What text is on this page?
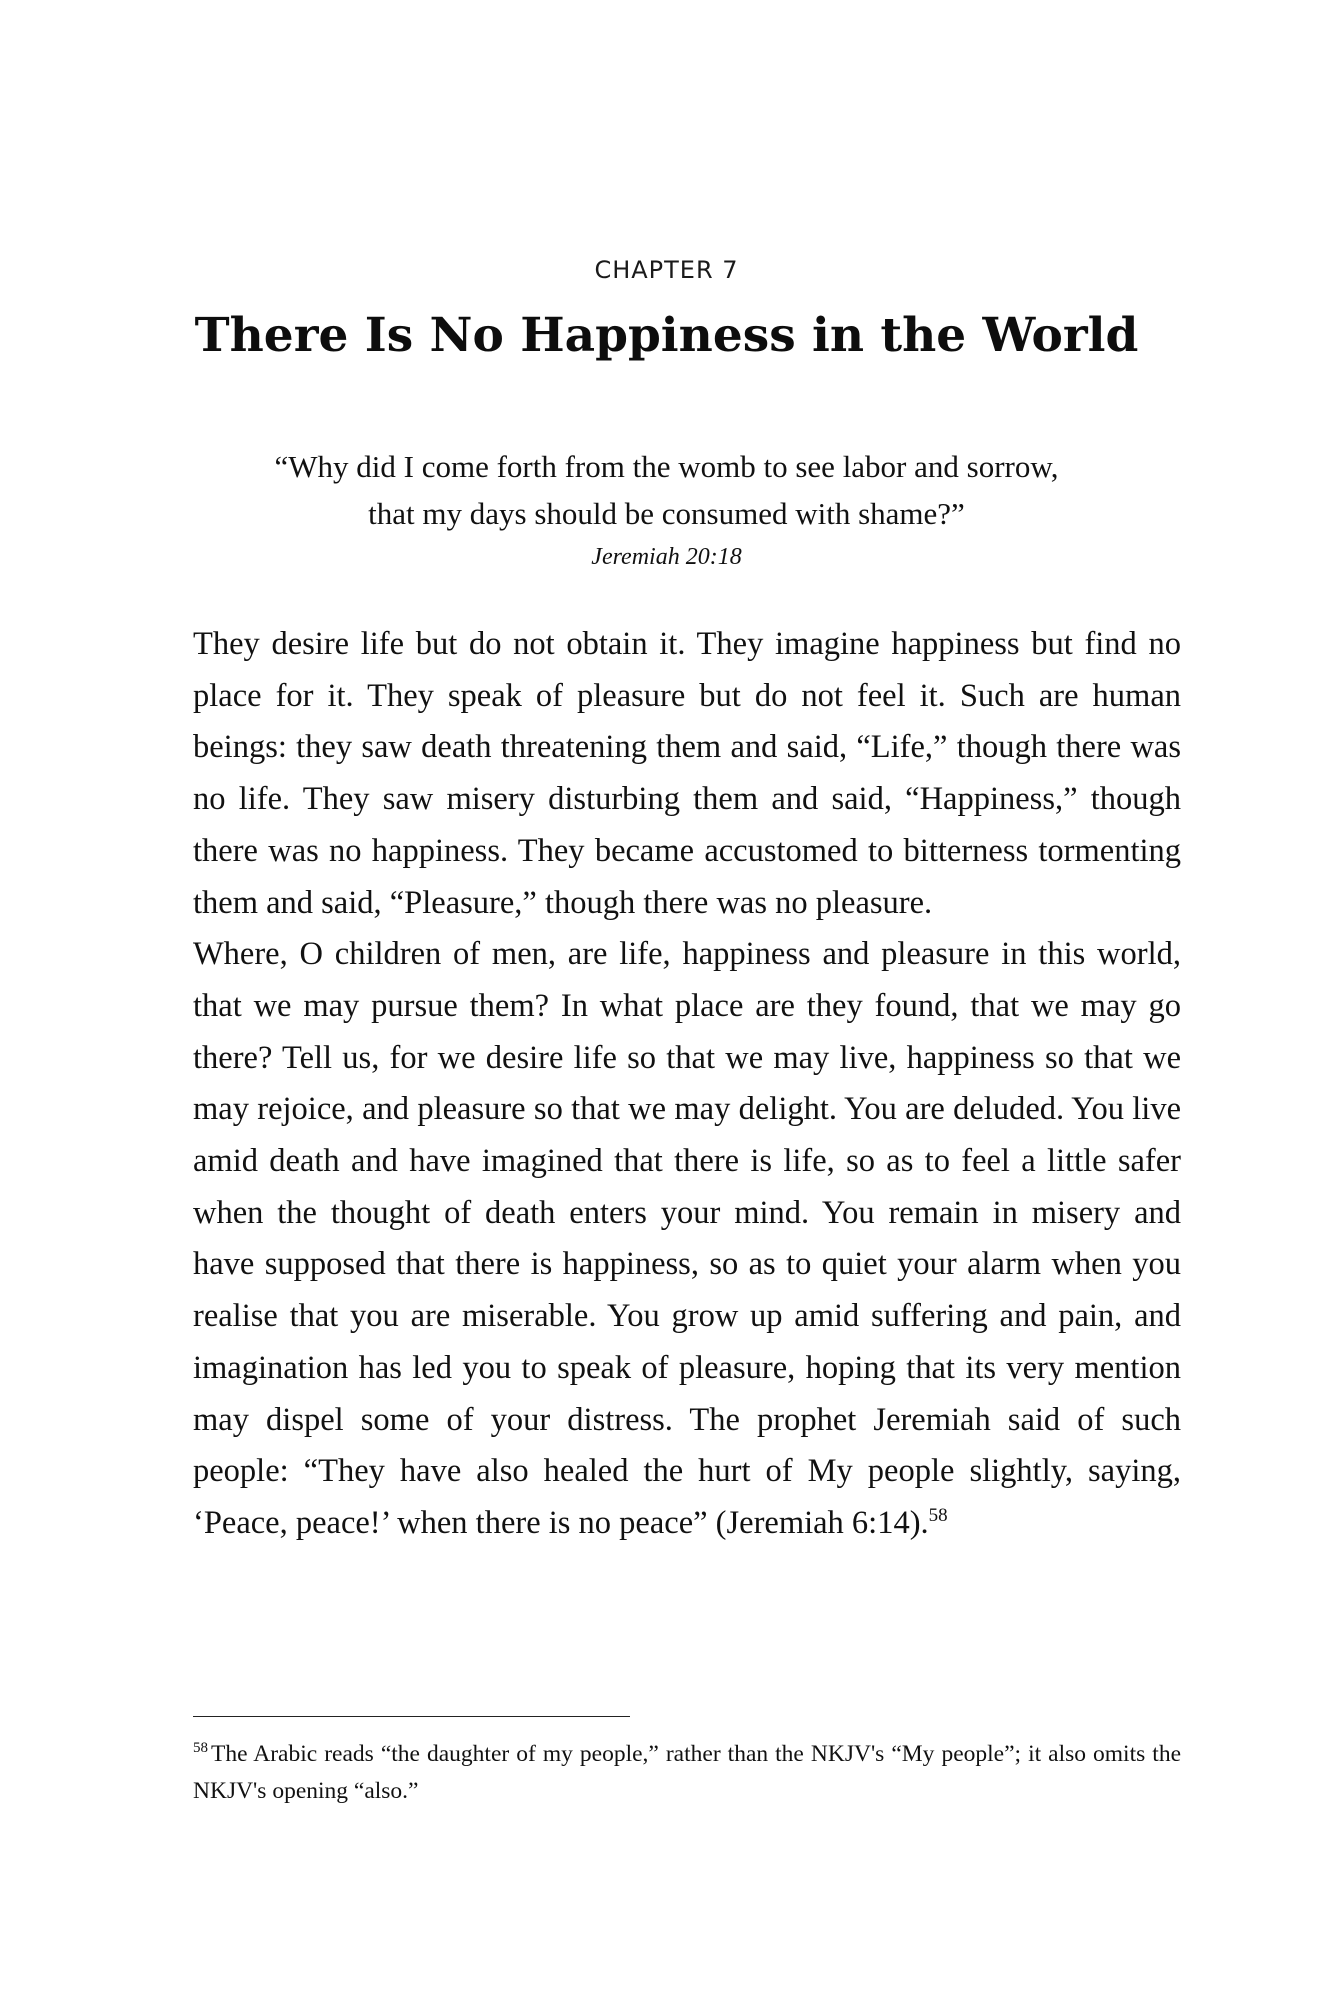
CHAPTER 7
There Is No Happiness in the World
“Why did I come forth from the womb to see labor and sorrow,
that my days should be consumed with shame?”
Jeremiah 20:18

They desire life but do not obtain it. They imagine happiness but find no place for it. They speak of pleasure but do not feel it. Such are human beings: they saw death threatening them and said, “Life,” though there was no life. They saw misery disturbing them and said, “Happiness,” though there was no happiness. They became accustomed to bitterness tormenting them and said, “Pleasure,” though there was no pleasure.

Where, O children of men, are life, happiness and pleasure in this world, that we may pursue them? In what place are they found, that we may go there? Tell us, for we desire life so that we may live, happiness so that we may rejoice, and pleasure so that we may delight. You are deluded. You live amid death and have imagined that there is life, so as to feel a little safer when the thought of death enters your mind. You remain in misery and have supposed that there is happiness, so as to quiet your alarm when you realise that you are miserable. You grow up amid suffering and pain, and imagination has led you to speak of pleasure, hoping that its very mention may dispel some of your distress. The prophet Jeremiah said of such people: “They have also healed the hurt of My people slightly, saying, ‘Peace, peace!’ when there is no peace” (Jeremiah 6:14).$^{58}$

$^{58}$ The Arabic reads “the daughter of my people,” rather than the NKJV's “My people”; it also omits the NKJV's opening “also.”
